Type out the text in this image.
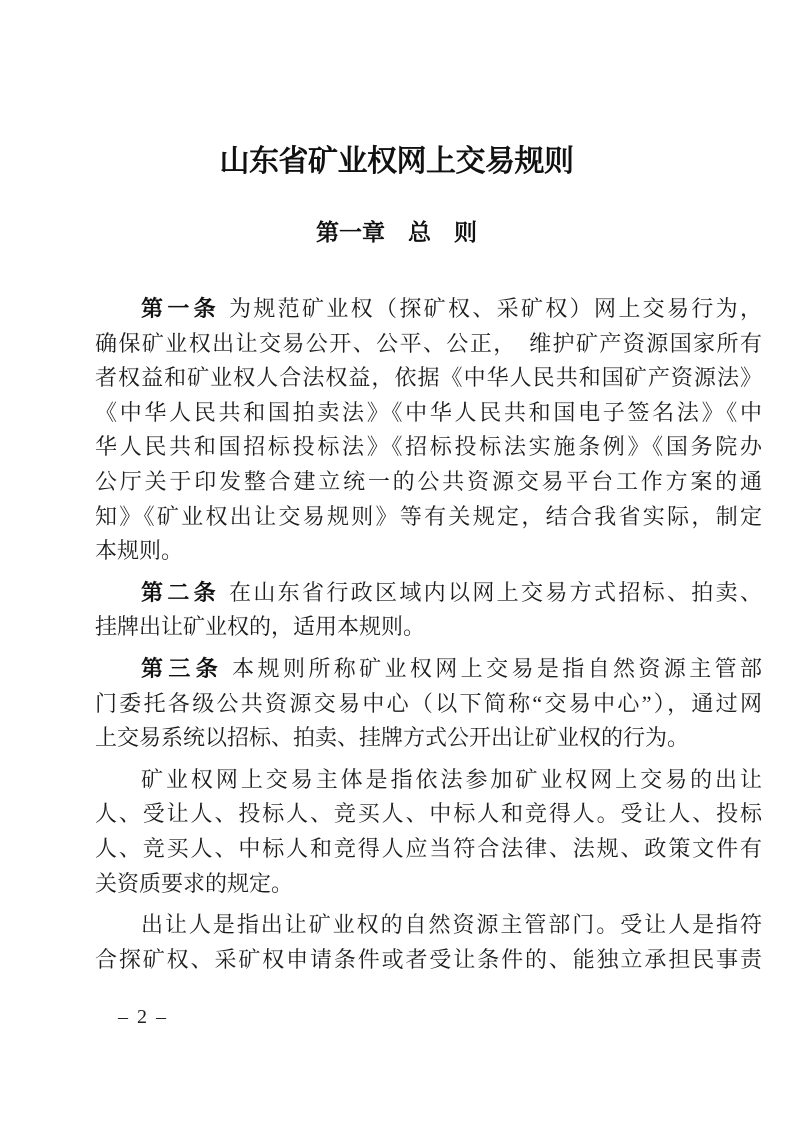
山东省矿业权网上交易规则
第一章　总　则
第一条 为规范矿业权（探矿权、采矿权）网上交易行为，
确保矿业权出让交易公开、公平、公正，　维护矿产资源国家所有
者权益和矿业权人合法权益，依据《中华人民共和国矿产资源法》
《中华人民共和国拍卖法》《中华人民共和国电子签名法》《中
华人民共和国招标投标法》《招标投标法实施条例》《国务院办
公厅关于印发整合建立统一的公共资源交易平台工作方案的通
知》《矿业权出让交易规则》等有关规定，结合我省实际，制定
本规则。
第二条 在山东省行政区域内以网上交易方式招标、拍卖、
挂牌出让矿业权的，适用本规则。
第三条 本规则所称矿业权网上交易是指自然资源主管部
门委托各级公共资源交易中心（以下简称“交易中心”），通过网
上交易系统以招标、拍卖、挂牌方式公开出让矿业权的行为。
矿业权网上交易主体是指依法参加矿业权网上交易的出让
人、受让人、投标人、竞买人、中标人和竞得人。受让人、投标
人、竞买人、中标人和竞得人应当符合法律、法规、政策文件有
关资质要求的规定。
出让人是指出让矿业权的自然资源主管部门。受让人是指符
合探矿权、采矿权申请条件或者受让条件的、能独立承担民事责
– 2 –
